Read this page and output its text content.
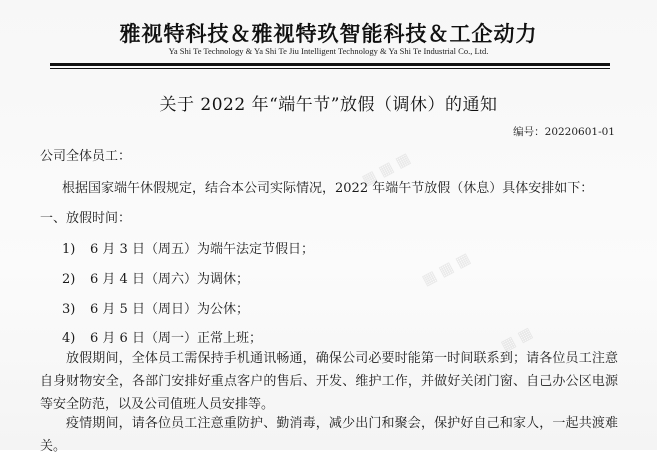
▦ ▦ ▦
▦ ▦ ▦
▦ ▦
雅视特科技＆雅视特玖智能科技＆工企动力
Ya Shi Te Technology & Ya Shi Te Jiu Intelligent Technology & Ya Shi Te Industrial Co., Ltd.
关于 2022 年“端午节”放假（调休）的通知
编号：20220601-01
公司全体员工：
根据国家端午休假规定，结合本公司实际情况，2022 年端午节放假（休息）具体安排如下：
一、放假时间：
1) 6 月 3 日（周五）为端午法定节假日；
2) 6 月 4 日（周六）为调休；
3) 6 月 5 日（周日）为公休；
4) 6 月 6 日（周一）正常上班；
放假期间，全体员工需保持手机通讯畅通，确保公司必要时能第一时间联系到；请各位员工注意自身财物安全，各部门安排好重点客户的售后、开发、维护工作，并做好关闭门窗、自己办公区电源等安全防范，以及公司值班人员安排等。
疫情期间，请各位员工注意重防护、勤消毒，减少出门和聚会，保护好自己和家人，一起共渡难关。
